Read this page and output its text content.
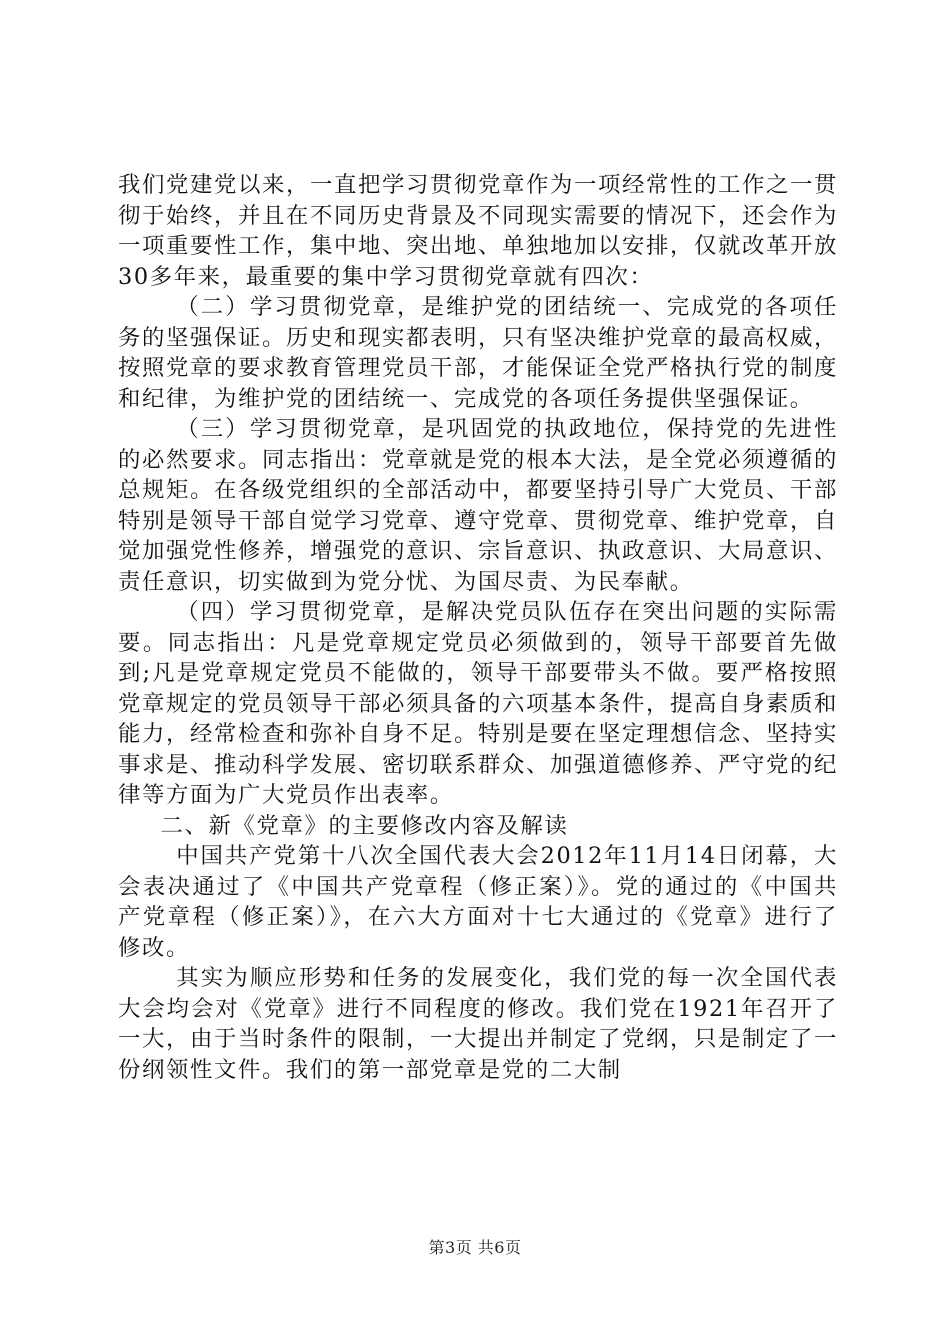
我们党建党以来，一直把学习贯彻党章作为一项经常性的工作之一贯彻于始终，并且在不同历史背景及不同现实需要的情况下，还会作为一项重要性工作，集中地、突出地、单独地加以安排，仅就改革开放30多年来，最重要的集中学习贯彻党章就有四次：

（二）学习贯彻党章，是维护党的团结统一、完成党的各项任务的坚强保证。历史和现实都表明，只有坚决维护党章的最高权威，按照党章的要求教育管理党员干部，才能保证全党严格执行党的制度和纪律，为维护党的团结统一、完成党的各项任务提供坚强保证。

（三）学习贯彻党章，是巩固党的执政地位，保持党的先进性的必然要求。同志指出：党章就是党的根本大法，是全党必须遵循的总规矩。在各级党组织的全部活动中，都要坚持引导广大党员、干部特别是领导干部自觉学习党章、遵守党章、贯彻党章、维护党章，自觉加强党性修养，增强党的意识、宗旨意识、执政意识、大局意识、责任意识，切实做到为党分忧、为国尽责、为民奉献。

（四）学习贯彻党章，是解决党员队伍存在突出问题的实际需要。同志指出：凡是党章规定党员必须做到的，领导干部要首先做到;凡是党章规定党员不能做的，领导干部要带头不做。要严格按照党章规定的党员领导干部必须具备的六项基本条件，提高自身素质和能力，经常检查和弥补自身不足。特别是要在坚定理想信念、坚持实事求是、推动科学发展、密切联系群众、加强道德修养、严守党的纪律等方面为广大党员作出表率。

二、新《党章》的主要修改内容及解读

中国共产党第十八次全国代表大会2012年11月14日闭幕，大会表决通过了《中国共产党章程（修正案）》。党的通过的《中国共产党章程（修正案）》，在六大方面对十七大通过的《党章》进行了修改。

其实为顺应形势和任务的发展变化，我们党的每一次全国代表大会均会对《党章》进行不同程度的修改。我们党在1921年召开了一大，由于当时条件的限制，一大提出并制定了党纲，只是制定了一份纲领性文件。我们的第一部党章是党的二大制

第3页 共6页
